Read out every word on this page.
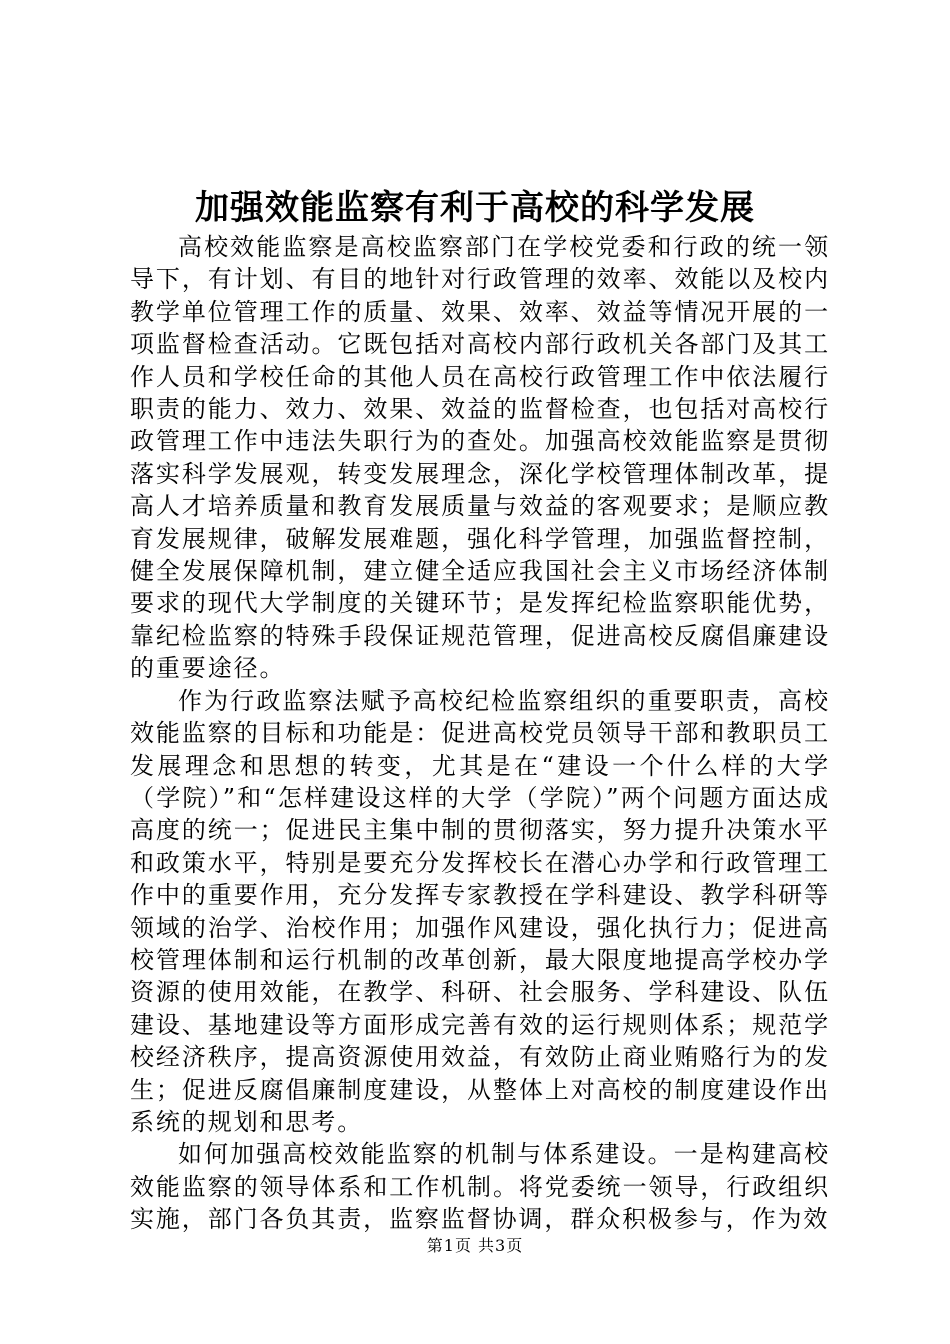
加强效能监察有利于高校的科学发展

高校效能监察是高校监察部门在学校党委和行政的统一领导下，有计划、有目的地针对行政管理的效率、效能以及校内教学单位管理工作的质量、效果、效率、效益等情况开展的一项监督检查活动。它既包括对高校内部行政机关各部门及其工作人员和学校任命的其他人员在高校行政管理工作中依法履行职责的能力、效力、效果、效益的监督检查，也包括对高校行政管理工作中违法失职行为的查处。加强高校效能监察是贯彻落实科学发展观，转变发展理念，深化学校管理体制改革，提高人才培养质量和教育发展质量与效益的客观要求；是顺应教育发展规律，破解发展难题，强化科学管理，加强监督控制，健全发展保障机制，建立健全适应我国社会主义市场经济体制要求的现代大学制度的关键环节；是发挥纪检监察职能优势，靠纪检监察的特殊手段保证规范管理，促进高校反腐倡廉建设的重要途径。

作为行政监察法赋予高校纪检监察组织的重要职责，高校效能监察的目标和功能是：促进高校党员领导干部和教职员工发展理念和思想的转变，尤其是在“建设一个什么样的大学（学院）”和“怎样建设这样的大学（学院）”两个问题方面达成高度的统一；促进民主集中制的贯彻落实，努力提升决策水平和政策水平，特别是要充分发挥校长在潜心办学和行政管理工作中的重要作用，充分发挥专家教授在学科建设、教学科研等领域的治学、治校作用；加强作风建设，强化执行力；促进高校管理体制和运行机制的改革创新，最大限度地提高学校办学资源的使用效能，在教学、科研、社会服务、学科建设、队伍建设、基地建设等方面形成完善有效的运行规则体系；规范学校经济秩序，提高资源使用效益，有效防止商业贿赂行为的发生；促进反腐倡廉制度建设，从整体上对高校的制度建设作出系统的规划和思考。

如何加强高校效能监察的机制与体系建设。一是构建高校效能监察的领导体系和工作机制。将党委统一领导，行政组织实施，部门各负其责，监察监督协调，群众积极参与，作为效

第1页 共3页
